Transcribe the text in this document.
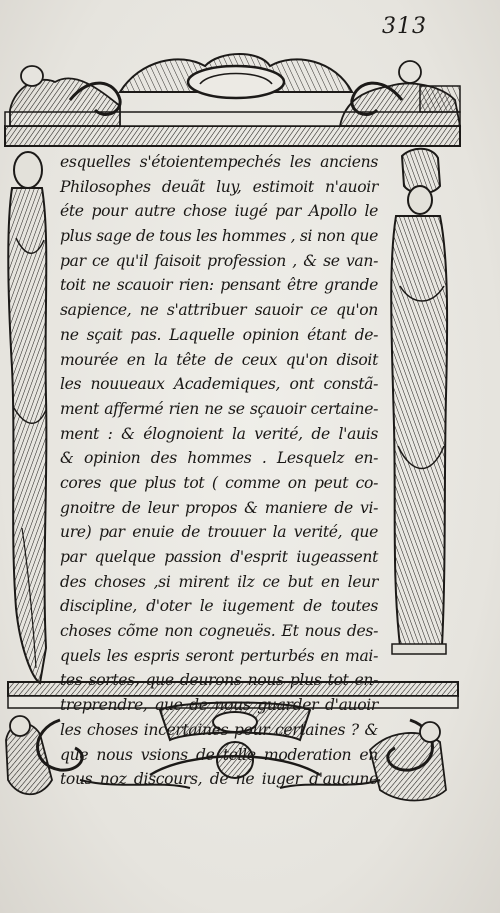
313
esquelles s'étoientempechés les anciens
Philosophes deuãt luy, estimoit n'auoir
éte pour autre chose iugé par Apollo le
plus sage de tous les hommes , si non que
par ce qu'il faisoit profession , & se van-
toit ne scauoir rien: pensant être grande
sapience, ne s'attribuer sauoir ce qu'on
ne sçait pas. Laquelle opinion étant de-
mourée en la tête de ceux qu'on disoit
les nouueaux Academiques, ont constã-
ment affermé rien ne se sçauoir certaine-
ment : & élognoient la verité, de l'auis
& opinion des hommes . Lesquelz en-
cores que plus tot ( comme on peut co-
gnoitre de leur propos & maniere de vi-
ure) par enuie de trouuer la verité, que
par quelque passion d'esprit iugeassent
des choses ,si mirent ilz ce but en leur
discipline, d'oter le iugement de toutes
choses cõme non cogneuës. Et nous des-
quels les espris seront perturbés en mai-
tes sortes, que deurons nous plus tot en-
treprendre, que de nous guarder d'auoir
les choses incertaines pour certaines ? &
que nous vsions de telle moderation en
tous noz discours, de ne iuger d'aucune
